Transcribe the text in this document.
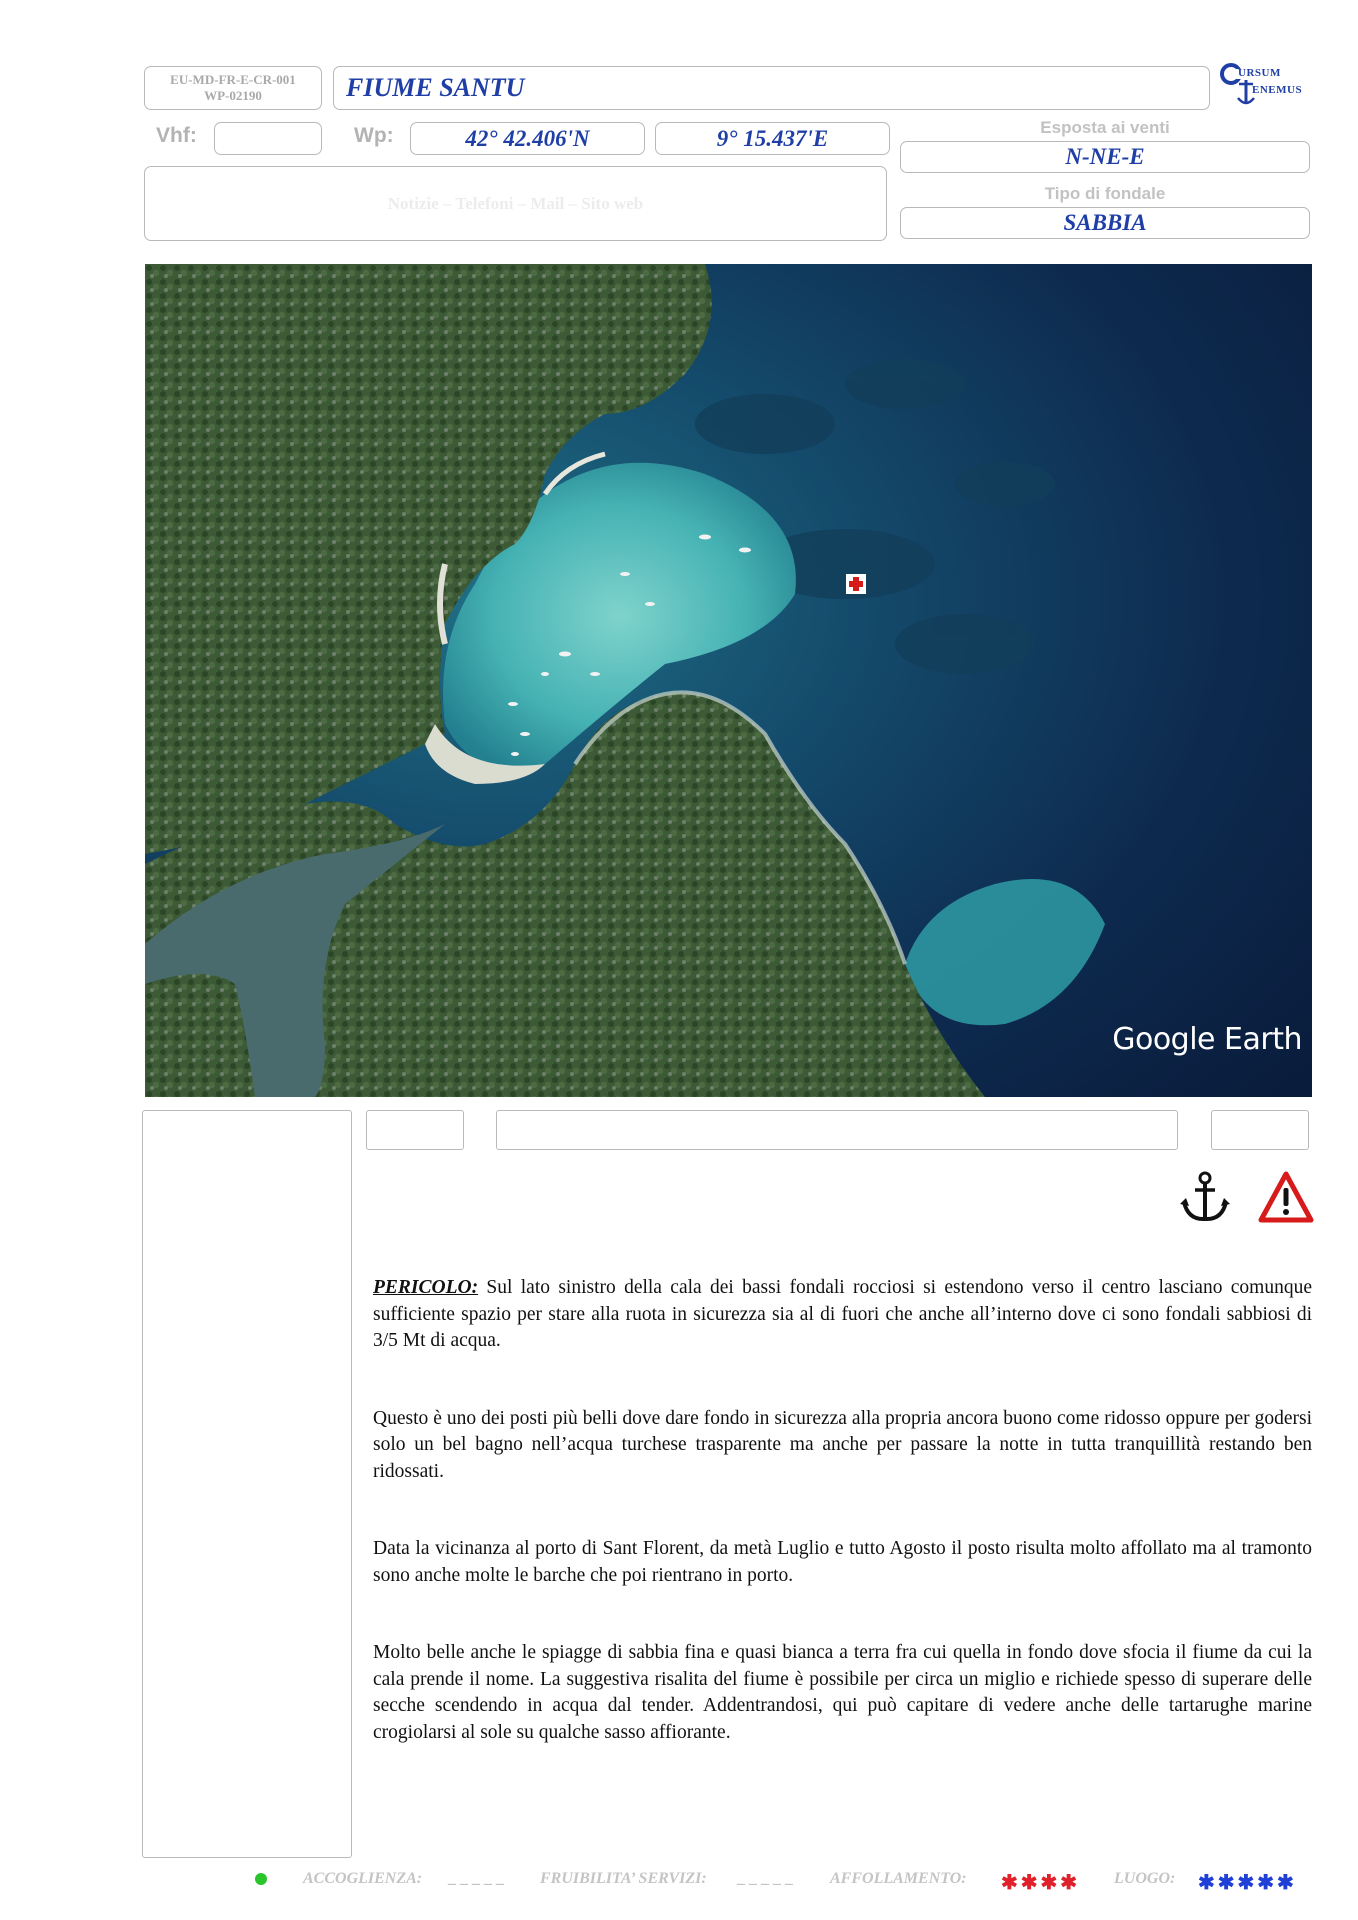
EU-MD-FR-E-CR-001
WP-02190	FIUME SANTU	URSUM
ENEMUS
Vhf:	Wp:	42° 42.406'N	9° 15.437'E	Esposta ai venti
N-NE-E
Tipo di fondale
SABBIA
Notizie – Telefoni – Mail – Sito web
Google Earth

PERICOLO: Sul lato sinistro della cala dei bassi fondali rocciosi si estendono verso il centro lasciano comunque sufficiente spazio per stare alla ruota in sicurezza sia al di fuori che anche all’interno dove ci sono fondali sabbiosi di 3/5 Mt di acqua.

Questo è uno dei posti più belli dove dare fondo in sicurezza alla propria ancora buono come ridosso oppure per godersi solo un bel bagno nell’acqua turchese trasparente ma anche per passare la notte in tutta tranquillità restando ben ridossati.

Data la vicinanza al porto di Sant Florent, da metà Luglio e tutto Agosto il posto risulta molto affollato ma al tramonto sono anche molte le barche che poi rientrano in porto.

Molto belle anche le spiagge di sabbia fina e quasi bianca a terra fra cui quella in fondo dove sfocia il fiume da cui la cala prende il nome. La suggestiva risalita del fiume è possibile per circa un miglio e richiede spesso di superare delle secche scendendo in acqua dal tender. Addentrandosi, qui può capitare di vedere anche delle tartarughe marine crogiolarsi al sole su qualche sasso affiorante.

ACCOGLIENZA: _ _ _ _ _ FRUIBILITA’ SERVIZI: _ _ _ _ _ AFFOLLAMENTO: ✱✱✱✱ LUOGO: ✱✱✱✱✱
